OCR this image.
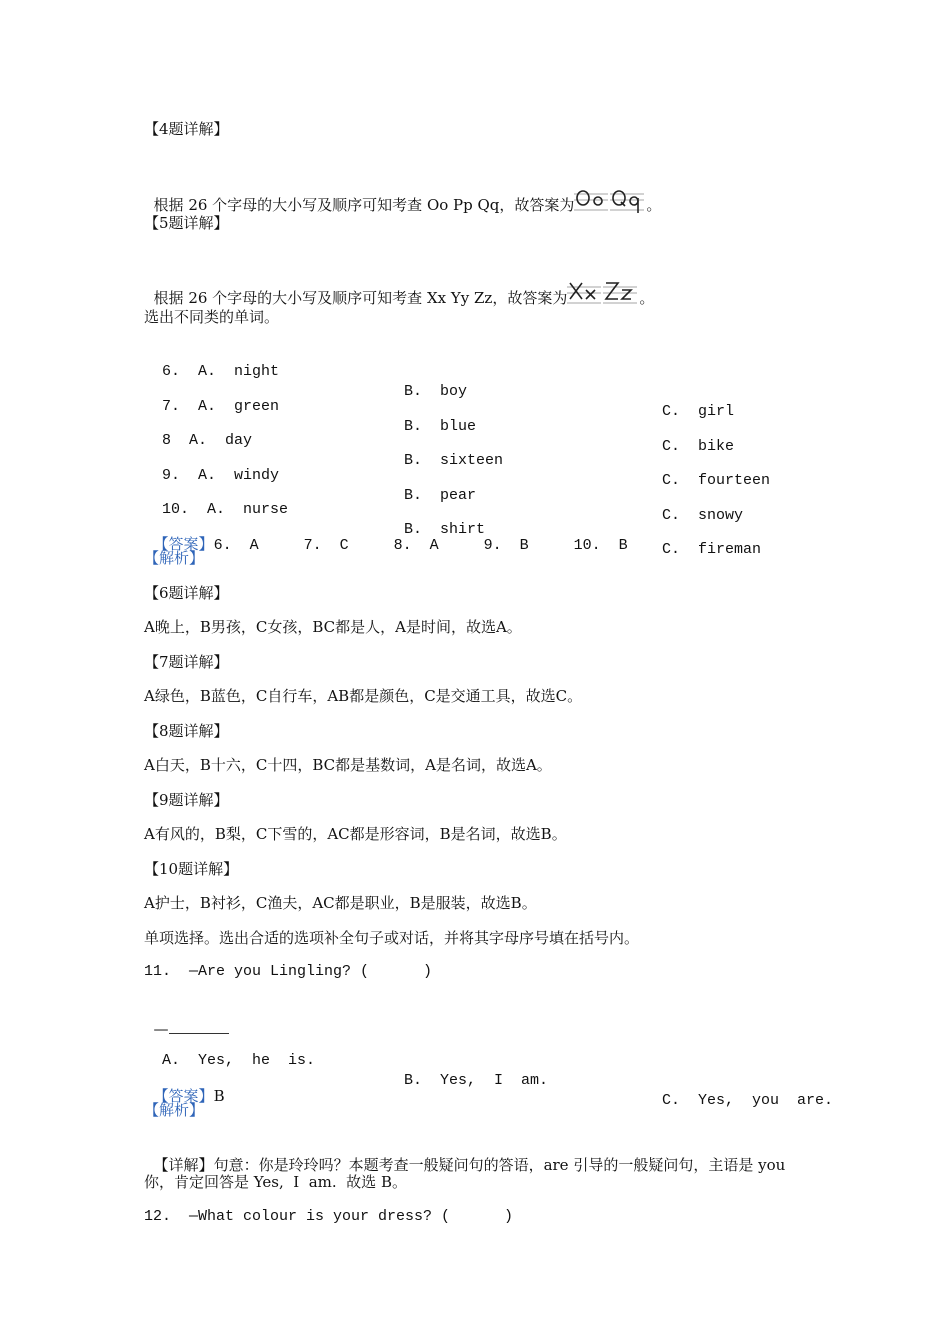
【4题详解】

根据 26 个字母的大小写及顺序可知考查 Oo Pp Qq，故答案为	。

【5题详解】

根据 26 个字母的大小写及顺序可知考查 Xx Yy Zz，故答案为	。

选出不同类的单词。

6.  A.  night

B.  boy

C.  girl

7.  A.  green

B.  blue

C.  bike

8  A.  day

B.  sixteen

C.  fourteen

9.  A.  windy

B.  pear

C.  snowy

10.  A.  nurse

B.  shirt

C.  fireman

【答案】6.  A     7.  C     8.  A     9.  B     10.  B

【解析】
【6题详解】
A晚上，B男孩，C女孩，BC都是人，A是时间，故选A。
【7题详解】
A绿色，B蓝色，C自行车，AB都是颜色，C是交通工具，故选C。
【8题详解】
A白天，B十六，C十四，BC都是基数词，A是名词，故选A。
【9题详解】
A有风的，B梨，C下雪的，AC都是形容词，B是名词，故选B。
【10题详解】
A护士，B衬衫，C渔夫，AC都是职业，B是服装，故选B。
单项选择。选出合适的选项补全句子或对话，并将其字母序号填在括号内。
11.  —Are you Lingling? (      )

—

A.  Yes,  he  is.

B.  Yes,  I  am.

C.  Yes,  you  are.

【答案】B

【解析】

【详解】句意：你是玲玲吗？本题考查一般疑问句的答语，are 引导的一般疑问句，主语是 you

你，肯定回答是 Yes,  I  am.  故选 B。
12.  —What colour is your dress? (      )
